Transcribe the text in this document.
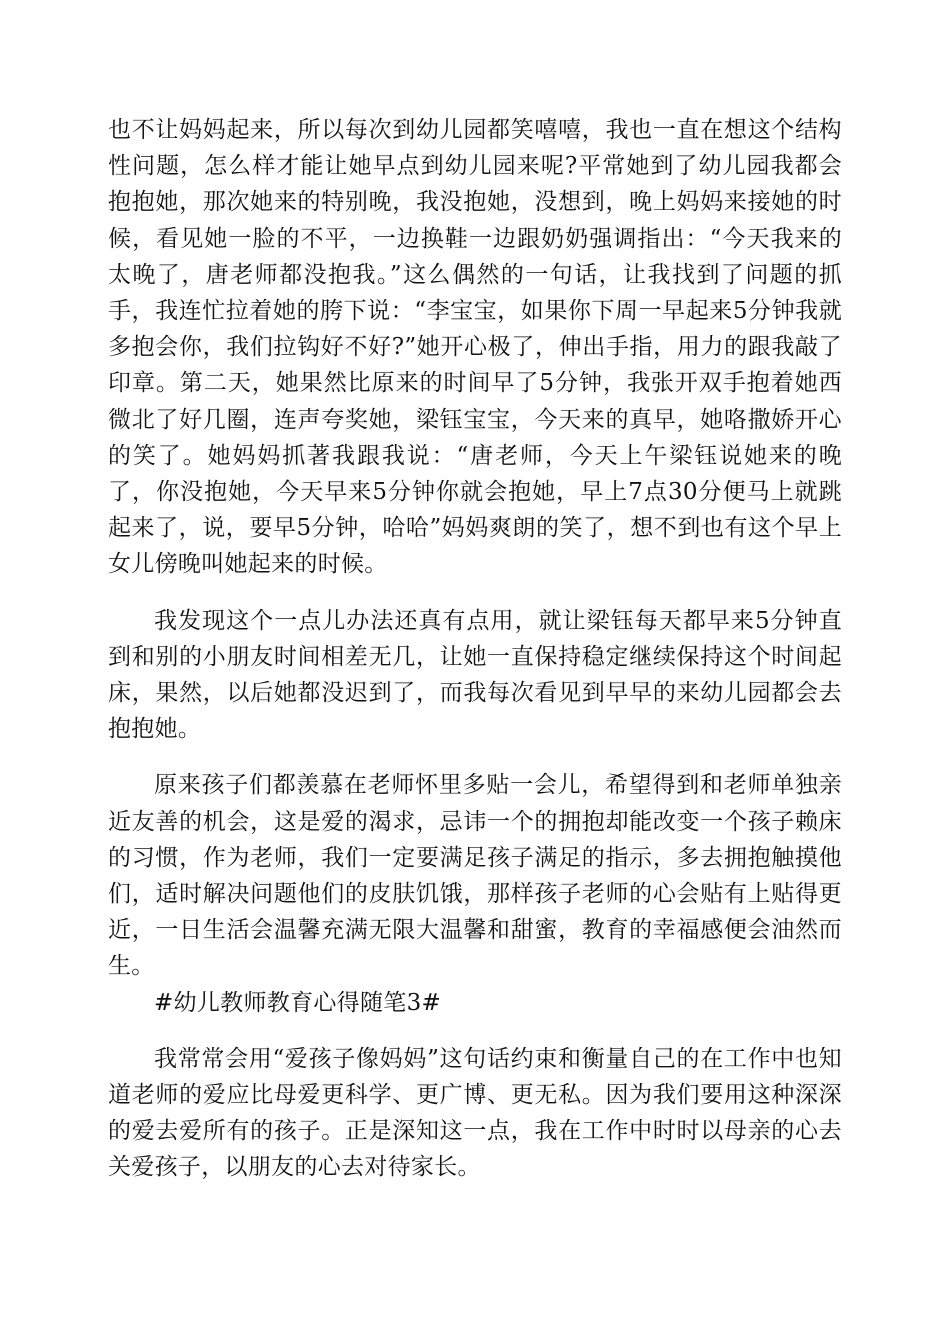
也不让妈妈起来，所以每次到幼儿园都笑嘻嘻，我也一直在想这个结构性问题，怎么样才能让她早点到幼儿园来呢?平常她到了幼儿园我都会抱抱她，那次她来的特别晚，我没抱她，没想到，晚上妈妈来接她的时候，看见她一脸的不平，一边换鞋一边跟奶奶强调指出：“今天我来的太晚了，唐老师都没抱我。”这么偶然的一句话，让我找到了问题的抓手，我连忙拉着她的胯下说：“李宝宝，如果你下周一早起来5分钟我就多抱会你，我们拉钩好不好?”她开心极了，伸出手指，用力的跟我敲了印章。第二天，她果然比原来的时间早了5分钟，我张开双手抱着她西微北了好几圈，连声夸奖她，梁钰宝宝，今天来的真早，她咯撒娇开心的笑了。她妈妈抓著我跟我说：“唐老师，今天上午梁钰说她来的晚了，你没抱她，今天早来5分钟你就会抱她，早上7点30分便马上就跳起来了，说，要早5分钟，哈哈”妈妈爽朗的笑了，想不到也有这个早上女儿傍晚叫她起来的时候。

我发现这个一点儿办法还真有点用，就让梁钰每天都早来5分钟直到和别的小朋友时间相差无几，让她一直保持稳定继续保持这个时间起床，果然，以后她都没迟到了，而我每次看见到早早的来幼儿园都会去抱抱她。

原来孩子们都羡慕在老师怀里多贴一会儿，希望得到和老师单独亲近友善的机会，这是爱的渴求，忌讳一个的拥抱却能改变一个孩子赖床的习惯，作为老师，我们一定要满足孩子满足的指示，多去拥抱触摸他们，适时解决问题他们的皮肤饥饿，那样孩子老师的心会贴有上贴得更近，一日生活会温馨充满无限大温馨和甜蜜，教育的幸福感便会油然而生。

#幼儿教师教育心得随笔3#

我常常会用“爱孩子像妈妈”这句话约束和衡量自己的在工作中也知道老师的爱应比母爱更科学、更广博、更无私。因为我们要用这种深深的爱去爱所有的孩子。正是深知这一点，我在工作中时时以母亲的心去关爱孩子，以朋友的心去对待家长。
